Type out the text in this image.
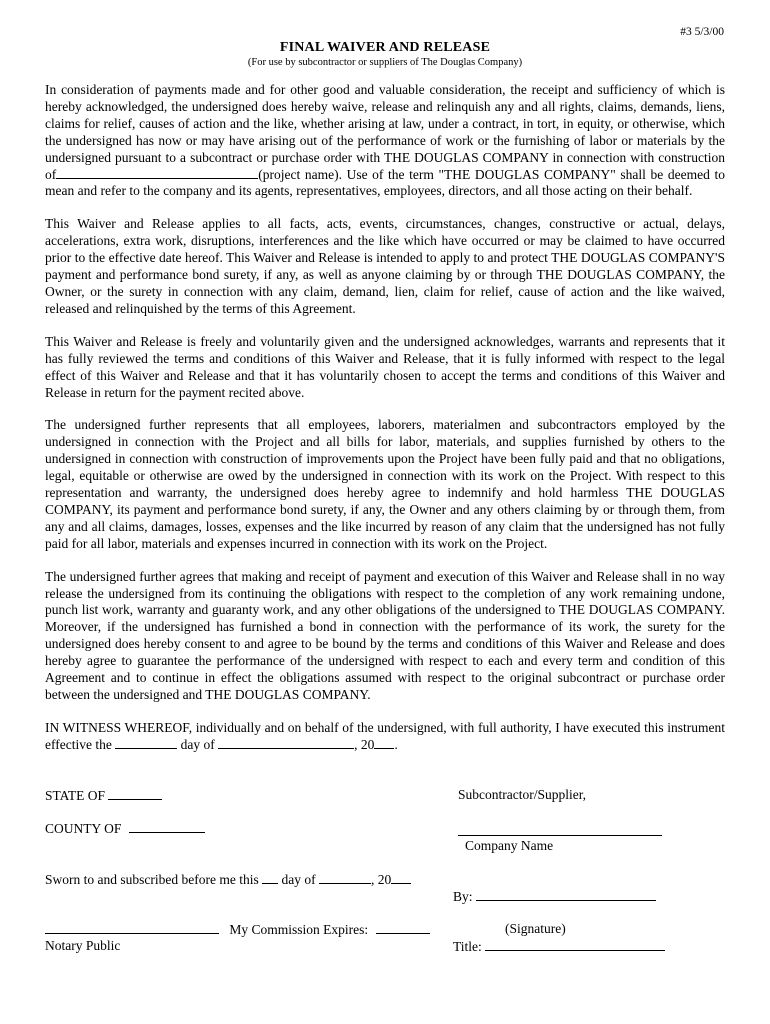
#3 5/3/00
FINAL WAIVER AND RELEASE
(For use by subcontractor or suppliers of The Douglas Company)

In consideration of payments made and for other good and valuable consideration, the receipt and sufficiency of which is hereby acknowledged, the undersigned does hereby waive, release and relinquish any and all rights, claims, demands, liens, claims for relief, causes of action and the like, whether arising at law, under a contract, in tort, in equity, or otherwise, which the undersigned has now or may have arising out of the performance of work or the furnishing of labor or materials by the undersigned pursuant to a subcontract or purchase order with THE DOUGLAS COMPANY in connection with construction of	(project name). Use of the term "THE DOUGLAS COMPANY" shall be deemed to mean and refer to the company and its agents, representatives, employees, directors, and all those acting on their behalf.

This Waiver and Release applies to all facts, acts, events, circumstances, changes, constructive or actual, delays, accelerations, extra work, disruptions, interferences and the like which have occurred or may be claimed to have occurred prior to the effective date hereof. This Waiver and Release is intended to apply to and protect THE DOUGLAS COMPANY'S payment and performance bond surety, if any, as well as anyone claiming by or through THE DOUGLAS COMPANY, the Owner, or the surety in connection with any claim, demand, lien, claim for relief, cause of action and the like waived, released and relinquished by the terms of this Agreement.

This Waiver and Release is freely and voluntarily given and the undersigned acknowledges, warrants and represents that it has fully reviewed the terms and conditions of this Waiver and Release, that it is fully informed with respect to the legal effect of this Waiver and Release and that it has voluntarily chosen to accept the terms and conditions of this Waiver and Release in return for the payment recited above.

The undersigned further represents that all employees, laborers, materialmen and subcontractors employed by the undersigned in connection with the Project and all bills for labor, materials, and supplies furnished by others to the undersigned in connection with construction of improvements upon the Project have been fully paid and that no obligations, legal, equitable or otherwise are owed by the undersigned in connection with its work on the Project. With respect to this representation and warranty, the undersigned does hereby agree to indemnify and hold harmless THE DOUGLAS COMPANY, its payment and performance bond surety, if any, the Owner and any others claiming by or through them, from any and all claims, damages, losses, expenses and the like incurred by reason of any claim that the undersigned has not fully paid for all labor, materials and expenses incurred in connection with its work on the Project.

The undersigned further agrees that making and receipt of payment and execution of this Waiver and Release shall in no way release the undersigned from its continuing the obligations with respect to the completion of any work remaining undone, punch list work, warranty and guaranty work, and any other obligations of the undersigned to THE DOUGLAS COMPANY. Moreover, if the undersigned has furnished a bond in connection with the performance of its work, the surety for the undersigned does hereby consent to and agree to be bound by the terms and conditions of this Waiver and Release and does hereby agree to guarantee the performance of the undersigned with respect to each and every term and condition of this Agreement and to continue in effect the obligations assumed with respect to the original subcontract or purchase order between the undersigned and THE DOUGLAS COMPANY.

IN WITNESS WHEREOF, individually and on behalf of the undersigned, with full authority, I have executed this instrument effective the	day of	, 20 .

STATE OF
COUNTY OF
Sworn to and subscribed before me this day of	, 20
My Commission Expires:
Notary Public
Subcontractor/Supplier,
Company Name
By:
(Signature)
Title:
